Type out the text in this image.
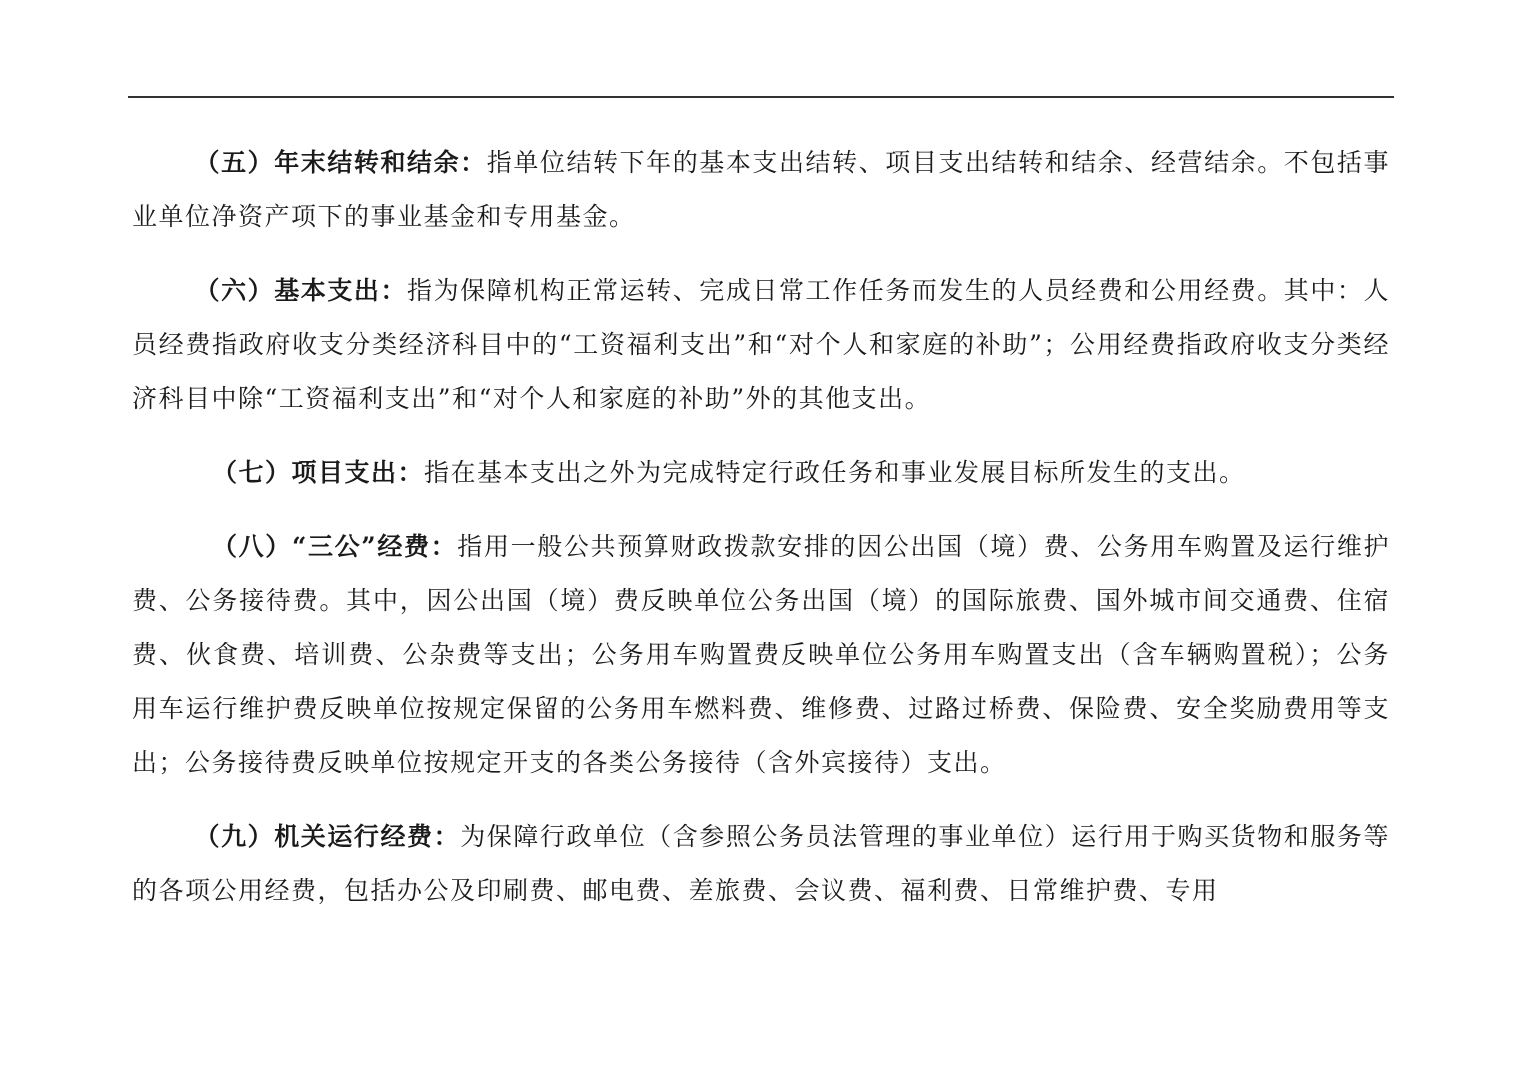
（五）年末结转和结余：指单位结转下年的基本支出结转、项目支出结转和结余、经营结余。不包括事业单位净资产项下的事业基金和专用基金。

（六）基本支出：指为保障机构正常运转、完成日常工作任务而发生的人员经费和公用经费。其中：人员经费指政府收支分类经济科目中的“工资福利支出”和“对个人和家庭的补助”；公用经费指政府收支分类经济科目中除“工资福利支出”和“对个人和家庭的补助”外的其他支出。

（七）项目支出：指在基本支出之外为完成特定行政任务和事业发展目标所发生的支出。

（八）“三公”经费：指用一般公共预算财政拨款安排的因公出国（境）费、公务用车购置及运行维护费、公务接待费。其中，因公出国（境）费反映单位公务出国（境）的国际旅费、国外城市间交通费、住宿费、伙食费、培训费、公杂费等支出；公务用车购置费反映单位公务用车购置支出（含车辆购置税）；公务用车运行维护费反映单位按规定保留的公务用车燃料费、维修费、过路过桥费、保险费、安全奖励费用等支出；公务接待费反映单位按规定开支的各类公务接待（含外宾接待）支出。

（九）机关运行经费：为保障行政单位（含参照公务员法管理的事业单位）运行用于购买货物和服务等的各项公用经费，包括办公及印刷费、邮电费、差旅费、会议费、福利费、日常维护费、专用
